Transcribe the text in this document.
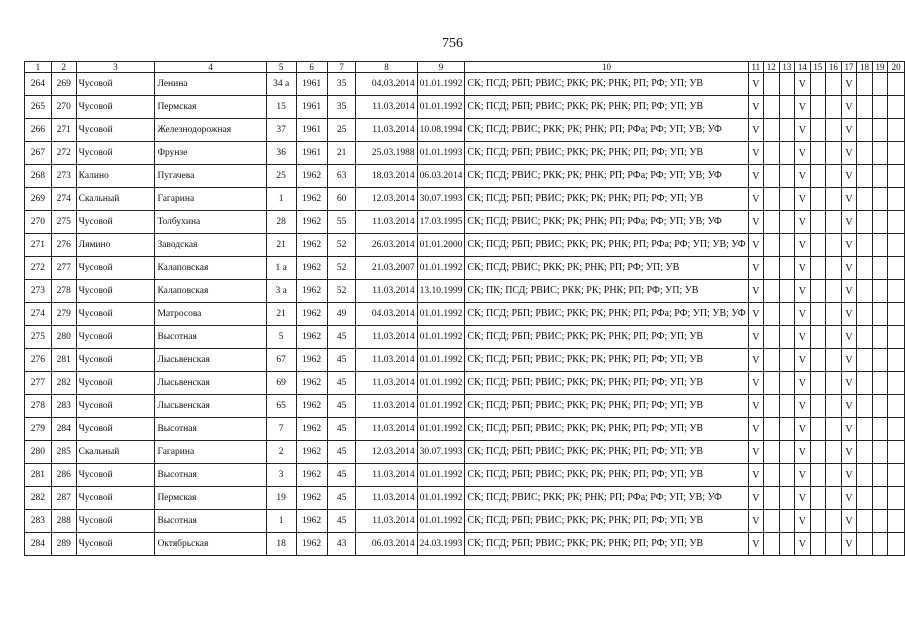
756
1	2	3	4	5	6	7	8	9	10	11	12	13	14	15	16	17	18	19	20
264	269	Чусовой	Ленина	34 а	1961	35	04.03.2014	01.01.1992	СК; ПСД; РБП; РВИС; РКК; РК; РНК; РП; РФ; УП; УВ	V			V			V			
265	270	Чусовой	Пермская	15	1961	35	11.03.2014	01.01.1992	СК; ПСД; РБП; РВИС; РКК; РК; РНК; РП; РФ; УП; УВ	V			V			V			
266	271	Чусовой	Железнодорожная	37	1961	25	11.03.2014	10.08.1994	СК; ПСД; РВИС; РКК; РК; РНК; РП; РФа; РФ; УП; УВ; УФ	V			V			V			
267	272	Чусовой	Фрунзе	36	1961	21	25.03.1988	01.01.1993	СК; ПСД; РБП; РВИС; РКК; РК; РНК; РП; РФ; УП; УВ	V			V			V			
268	273	Калино	Пугачева	25	1962	63	18.03.2014	06.03.2014	СК; ПСД; РВИС; РКК; РК; РНК; РП; РФа; РФ; УП; УВ; УФ	V			V			V			
269	274	Скальный	Гагарина	1	1962	60	12.03.2014	30.07.1993	СК; ПСД; РБП; РВИС; РКК; РК; РНК; РП; РФ; УП; УВ	V			V			V			
270	275	Чусовой	Толбухина	28	1962	55	11.03.2014	17.03.1995	СК; ПСД; РВИС; РКК; РК; РНК; РП; РФа; РФ; УП; УВ; УФ	V			V			V			
271	276	Лямино	Заводская	21	1962	52	26.03.2014	01.01.2000	СК; ПСД; РБП; РВИС; РКК; РК; РНК; РП; РФа; РФ; УП; УВ; УФ	V			V			V			
272	277	Чусовой	Калаповская	1 а	1962	52	21.03.2007	01.01.1992	СК; ПСД; РВИС; РКК; РК; РНК; РП; РФ; УП; УВ	V			V			V			
273	278	Чусовой	Калаповская	3 а	1962	52	11.03.2014	13.10.1999	СК; ПК; ПСД; РВИС; РКК; РК; РНК; РП; РФ; УП; УВ	V			V			V			
274	279	Чусовой	Матросова	21	1962	49	04.03.2014	01.01.1992	СК; ПСД; РБП; РВИС; РКК; РК; РНК; РП; РФа; РФ; УП; УВ; УФ	V			V			V			
275	280	Чусовой	Высотная	5	1962	45	11.03.2014	01.01.1992	СК; ПСД; РБП; РВИС; РКК; РК; РНК; РП; РФ; УП; УВ	V			V			V			
276	281	Чусовой	Лысьвенская	67	1962	45	11.03.2014	01.01.1992	СК; ПСД; РБП; РВИС; РКК; РК; РНК; РП; РФ; УП; УВ	V			V			V			
277	282	Чусовой	Лысьвенская	69	1962	45	11.03.2014	01.01.1992	СК; ПСД; РБП; РВИС; РКК; РК; РНК; РП; РФ; УП; УВ	V			V			V			
278	283	Чусовой	Лысьвенская	65	1962	45	11.03.2014	01.01.1992	СК; ПСД; РБП; РВИС; РКК; РК; РНК; РП; РФ; УП; УВ	V			V			V			
279	284	Чусовой	Высотная	7	1962	45	11.03.2014	01.01.1992	СК; ПСД; РБП; РВИС; РКК; РК; РНК; РП; РФ; УП; УВ	V			V			V			
280	285	Скальный	Гагарина	2	1962	45	12.03.2014	30.07.1993	СК; ПСД; РБП; РВИС; РКК; РК; РНК; РП; РФ; УП; УВ	V			V			V			
281	286	Чусовой	Высотная	3	1962	45	11.03.2014	01.01.1992	СК; ПСД; РБП; РВИС; РКК; РК; РНК; РП; РФ; УП; УВ	V			V			V			
282	287	Чусовой	Пермская	19	1962	45	11.03.2014	01.01.1992	СК; ПСД; РВИС; РКК; РК; РНК; РП; РФа; РФ; УП; УВ; УФ	V			V			V			
283	288	Чусовой	Высотная	1	1962	45	11.03.2014	01.01.1992	СК; ПСД; РБП; РВИС; РКК; РК; РНК; РП; РФ; УП; УВ	V			V			V			
284	289	Чусовой	Октябрьская	18	1962	43	06.03.2014	24.03.1993	СК; ПСД; РБП; РВИС; РКК; РК; РНК; РП; РФ; УП; УВ	V			V			V			
